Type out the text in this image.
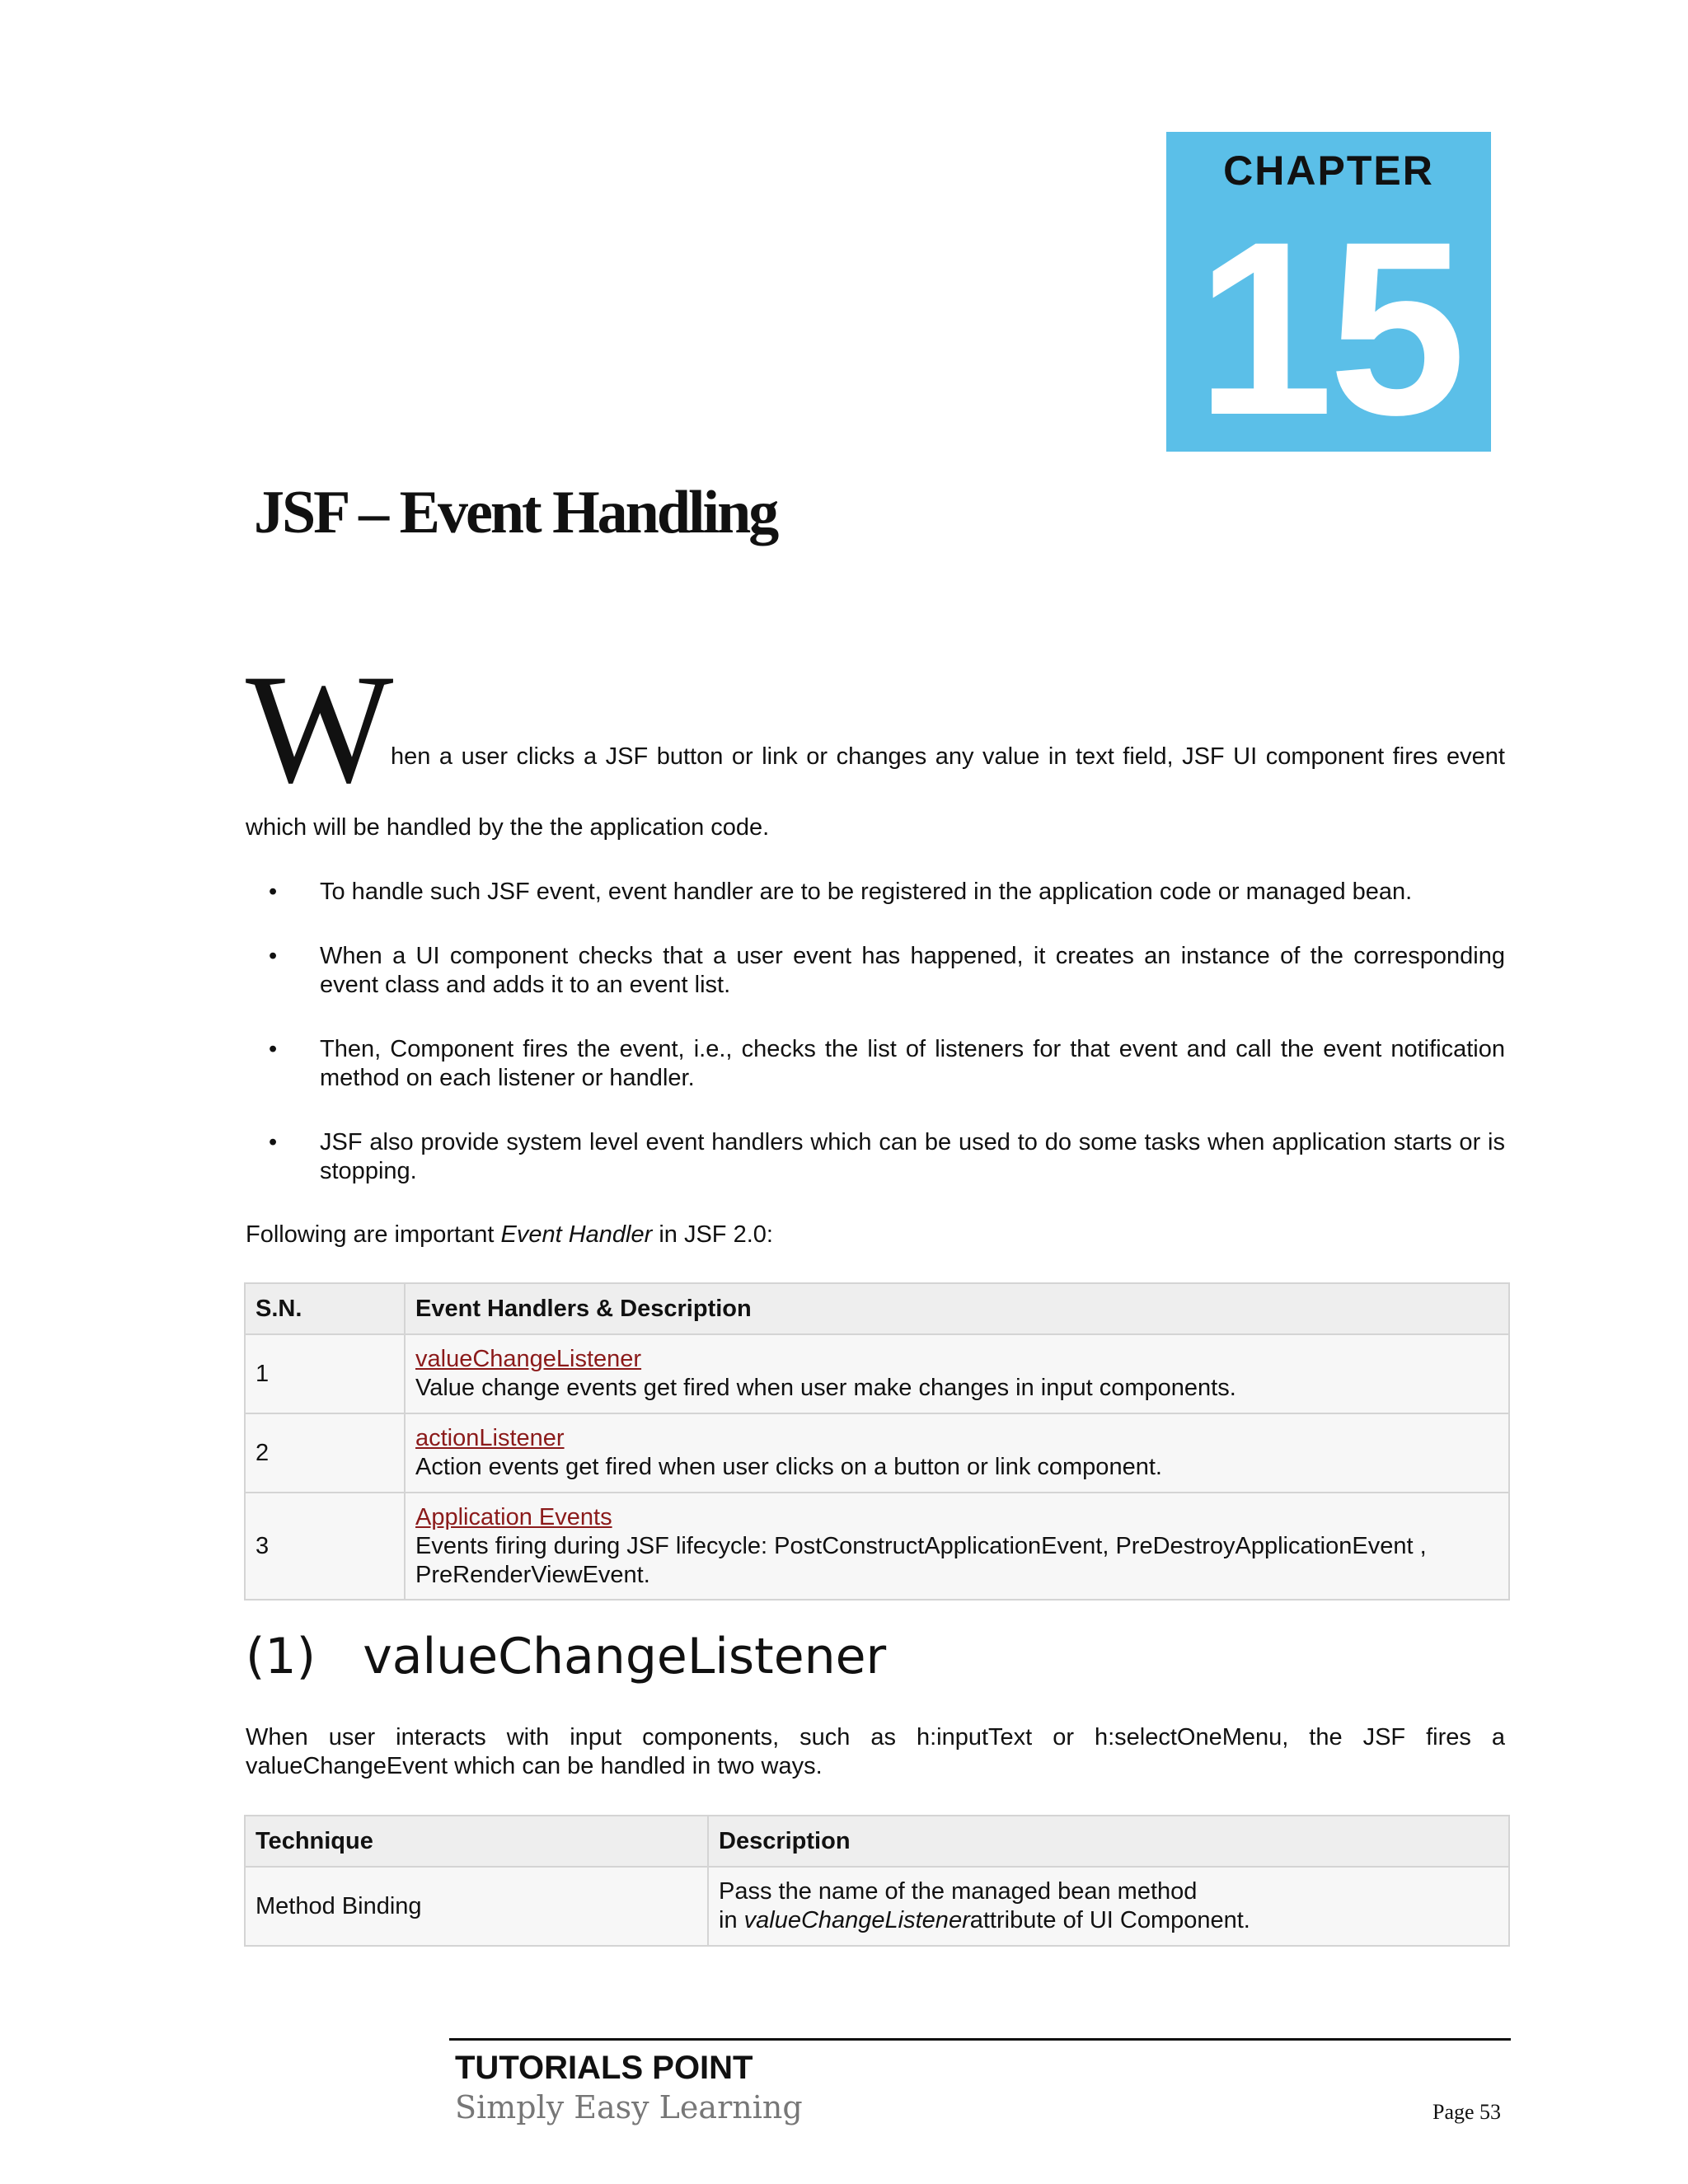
CHAPTER
15
JSF – Event Handling
W

hen a user clicks a JSF button or link or changes any value in text field, JSF UI component fires event

which will be handled by the the application code.

• To handle such JSF event, event handler are to be registered in the application code or managed bean.
• When a UI component checks that a user event has happened, it creates an instance of the corresponding event class and adds it to an event list.
• Then, Component fires the event, i.e., checks the list of listeners for that event and call the event notification method on each listener or handler.
• JSF also provide system level event handlers which can be used to do some tasks when application starts or is stopping.

Following are important Event Handler in JSF 2.0:

S.N.	Event Handlers & Description
1	valueChangeListener
Value change events get fired when user make changes in input components.
2	actionListener
Action events get fired when user clicks on a button or link component.
3	Application Events
Events firing during JSF lifecycle: PostConstructApplicationEvent, PreDestroyApplicationEvent , PreRenderViewEvent.
(1) valueChangeListener

When user interacts with input components, such as h:inputText or h:selectOneMenu, the JSF fires a

valueChangeEvent which can be handled in two ways.

Technique	Description
Method Binding	Pass the name of the managed bean method
in valueChangeListenerattribute of UI Component.
TUTORIALS POINT
Simply Easy Learning	Page 53
